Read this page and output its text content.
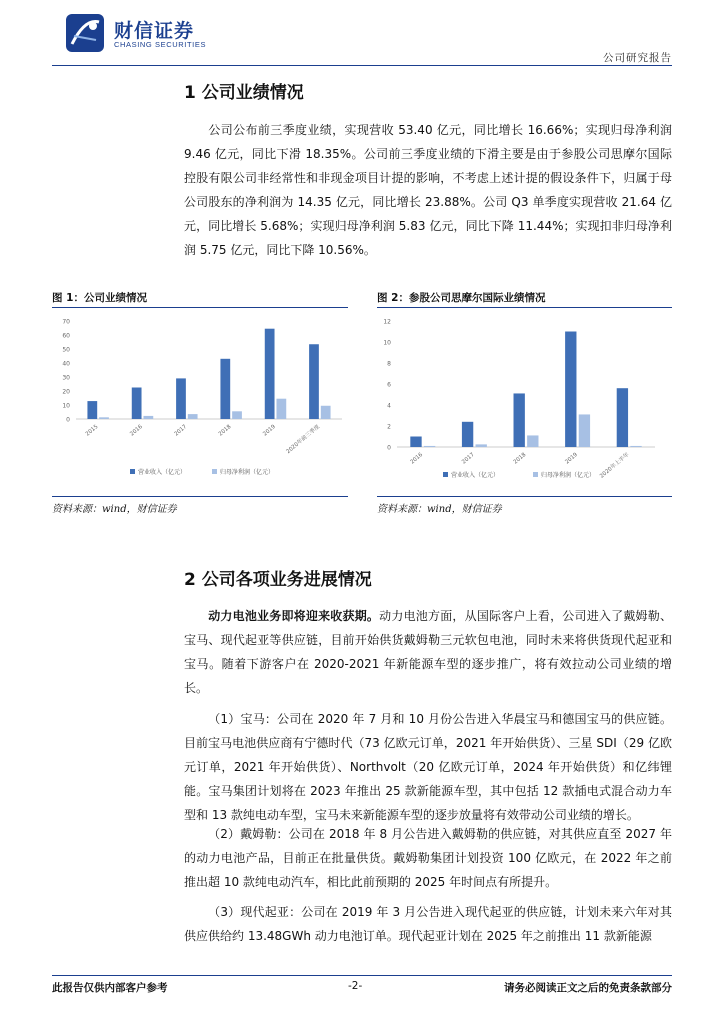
财信证券
CHASING SECURITIES
公司研究报告
1 公司业绩情况
公司公布前三季度业绩，实现营收 53.40 亿元，同比增长 16.66%；实现归母净利润 9.46 亿元，同比下滑 18.35%。公司前三季度业绩的下滑主要是由于参股公司思摩尔国际控股有限公司非经常性和非现金项目计提的影响，不考虑上述计提的假设条件下，归属于母公司股东的净利润为 14.35 亿元，同比增长 23.88%。公司 Q3 单季度实现营收 21.64 亿元，同比增长 5.68%；实现归母净利润 5.83 亿元，同比下降 11.44%；实现扣非归母净利润 5.75 亿元，同比下降 10.56%。
图 1：公司业绩情况	图 2：参股公司思摩尔国际业绩情况
0
10
20
30
40
50
60
70
2015	2016	2017	2018	2019 2020年前三季度
营业收入（亿元）	归母净利润（亿元）
0
2
4
6
8
10
12
2016	2017	2018	2019	2020年上半年
营业收入（亿元）	归母净利润（亿元）
资料来源：wind，财信证券	资料来源：wind，财信证券
2 公司各项业务进展情况
动力电池业务即将迎来收获期。动力电池方面，从国际客户上看，公司进入了戴姆勒、宝马、现代起亚等供应链，目前开始供货戴姆勒三元软包电池，同时未来将供货现代起亚和宝马。随着下游客户在 2020-2021 年新能源车型的逐步推广，将有效拉动公司业绩的增长。
（1）宝马：公司在 2020 年 7 月和 10 月份公告进入华晨宝马和德国宝马的供应链。目前宝马电池供应商有宁德时代（73 亿欧元订单，2021 年开始供货）、三星 SDI（29 亿欧元订单，2021 年开始供货）、Northvolt（20 亿欧元订单，2024 年开始供货）和亿纬锂能。宝马集团计划将在 2023 年推出 25 款新能源车型，其中包括 12 款插电式混合动力车型和 13 款纯电动车型，宝马未来新能源车型的逐步放量将有效带动公司业绩的增长。
（2）戴姆勒：公司在 2018 年 8 月公告进入戴姆勒的供应链，对其供应直至 2027 年的动力电池产品，目前正在批量供货。戴姆勒集团计划投资 100 亿欧元，在 2022 年之前推出超 10 款纯电动汽车，相比此前预期的 2025 年时间点有所提升。
（3）现代起亚：公司在 2019 年 3 月公告进入现代起亚的供应链，计划未来六年对其供应供给约 13.48GWh 动力电池订单。现代起亚计划在 2025 年之前推出 11 款新能源
此报告仅供内部客户参考	-2-	请务必阅读正文之后的免责条款部分
